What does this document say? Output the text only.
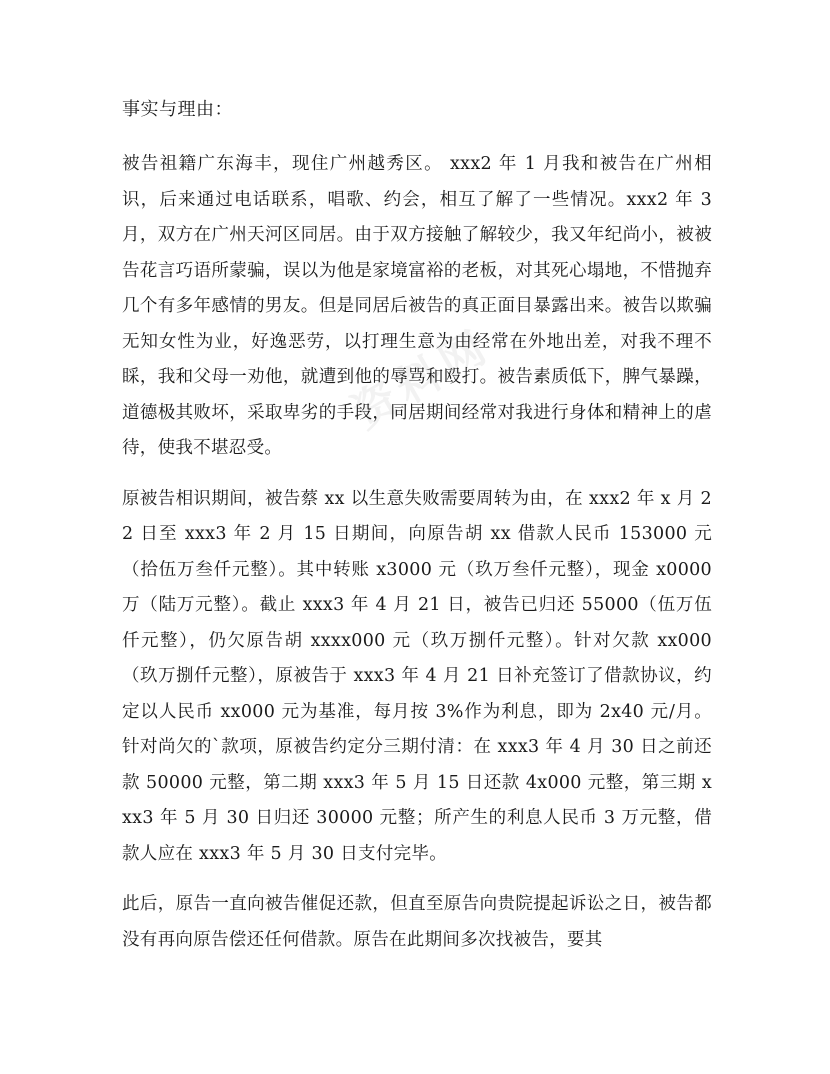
资料网

事实与理由：

被告祖籍广东海丰，现住广州越秀区。 xxx2 年 1 月我和被告在广州相识，后来通过电话联系，唱歌、约会，相互了解了一些情况。xxx2 年 3 月，双方在广州天河区同居。由于双方接触了解较少，我又年纪尚小，被被告花言巧语所蒙骗，误以为他是家境富裕的老板，对其死心塌地，不惜抛弃几个有多年感情的男友。但是同居后被告的真正面目暴露出来。被告以欺骗无知女性为业，好逸恶劳，以打理生意为由经常在外地出差，对我不理不睬，我和父母一劝他，就遭到他的辱骂和殴打。被告素质低下，脾气暴躁，道德极其败坏，采取卑劣的手段，同居期间经常对我进行身体和精神上的虐待，使我不堪忍受。

原被告相识期间，被告蔡 xx 以生意失败需要周转为由，在 xxx2 年 x 月 22 日至 xxx3 年 2 月 15 日期间，向原告胡 xx 借款人民币 153000 元（拾伍万叁仟元整）。其中转账 x3000 元（玖万叁仟元整），现金 x0000 万（陆万元整）。截止 xxx3 年 4 月 21 日，被告已归还 55000（伍万伍仟元整），仍欠原告胡 xxxx000 元（玖万捌仟元整）。针对欠款 xx000（玖万捌仟元整），原被告于 xxx3 年 4 月 21 日补充签订了借款协议，约定以人民币 xx000 元为基准，每月按 3%作为利息，即为 2x40 元/月。针对尚欠的`款项，原被告约定分三期付清：在 xxx3 年 4 月 30 日之前还款 50000 元整，第二期 xxx3 年 5 月 15 日还款 4x000 元整，第三期 xxx3 年 5 月 30 日归还 30000 元整；所产生的利息人民币 3 万元整，借款人应在 xxx3 年 5 月 30 日支付完毕。

此后，原告一直向被告催促还款，但直至原告向贵院提起诉讼之日，被告都没有再向原告偿还任何借款。原告在此期间多次找被告，要其
